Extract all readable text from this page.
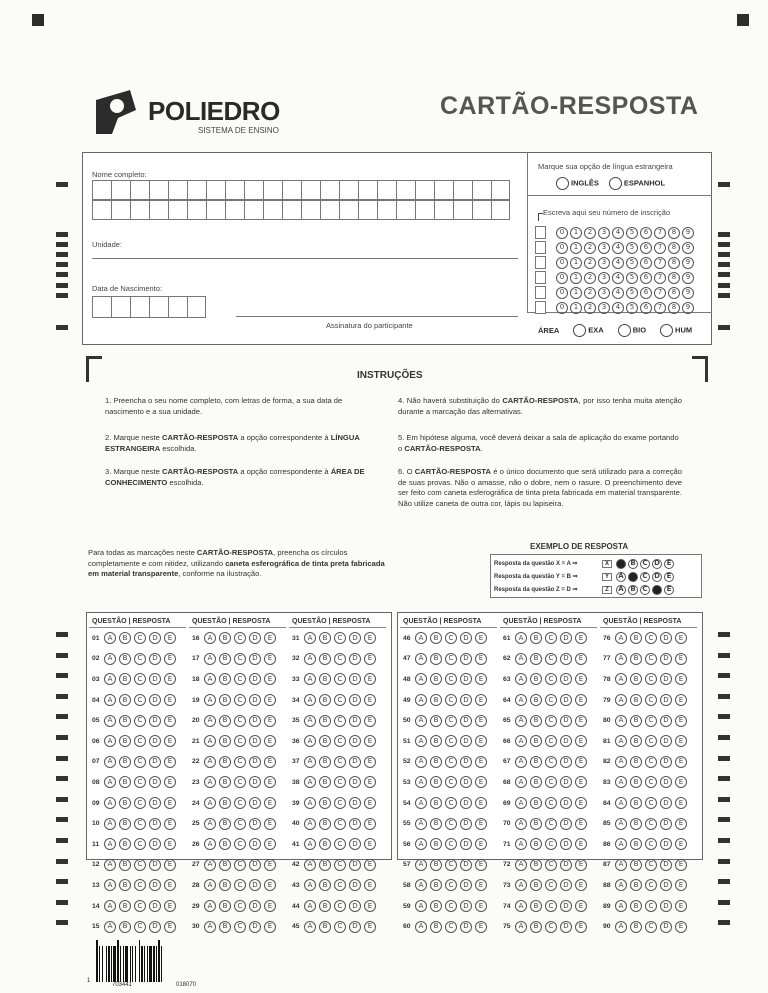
POLIEDRO
SISTEMA DE ENSINO
CARTÃO-RESPOSTA
Nome completo:
Unidade:
Data de Nascimento:
Assinatura do participante
Marque sua opção de língua estrangeira
INGLÊS	ESPANHOL
Escreva aqui seu número de inscrição
0	1	2	3	4	5	6	7	8	9
0	1	2	3	4	5	6	7	8	9
0	1	2	3	4	5	6	7	8	9
0	1	2	3	4	5	6	7	8	9
0	1	2	3	4	5	6	7	8	9
0	1	2	3	4	5	6	7	8	9
ÁREA	EXA	BIO	HUM
INSTRUÇÕES
1. Preencha o seu nome completo, com letras de forma, a sua data de nascimento e a sua unidade.
2. Marque neste CARTÃO-RESPOSTA a opção correspondente à LÍNGUA ESTRANGEIRA escolhida.
3. Marque neste CARTÃO-RESPOSTA a opção correspondente à ÁREA DE CONHECIMENTO escolhida.
4. Não haverá substituição do CARTÃO-RESPOSTA, por isso tenha muita atenção durante a marcação das alternativas.
5. Em hipótese alguma, você deverá deixar a sala de aplicação do exame portando o CARTÃO-RESPOSTA.
6. O CARTÃO-RESPOSTA é o único documento que será utilizado para a correção de suas provas. Não o amasse, não o dobre, nem o rasure. O preenchimento deve ser feito com caneta esferográfica de tinta preta fabricada em material transparente. Não utilize caneta de outra cor, lápis ou lapiseira.
Para todas as marcações neste CARTÃO-RESPOSTA, preencha os círculos completamente e com nitidez, utilizando caneta esferográfica de tinta preta fabricada em material transparente, conforme na ilustração.
EXEMPLO DE RESPOSTA
Resposta da questão X = A ⇒	X	A B C D E
Resposta da questão Y = B ⇒	Y	A B C D E
Resposta da questão Z = D ⇒	Z	A B C D E
QUESTÃO | RESPOSTA
01	A	B	C	D	E
02	A	B	C	D	E
03	A	B	C	D	E
04	A	B	C	D	E
05	A	B	C	D	E
06	A	B	C	D	E
07	A	B	C	D	E
08	A	B	C	D	E
09	A	B	C	D	E
10	A	B	C	D	E
11	A	B	C	D	E
12	A	B	C	D	E
13	A	B	C	D	E
14	A	B	C	D	E
15	A	B	C	D	E
QUESTÃO | RESPOSTA
16	A	B	C	D	E
17	A	B	C	D	E
18	A	B	C	D	E
19	A	B	C	D	E
20	A	B	C	D	E
21	A	B	C	D	E
22	A	B	C	D	E
23	A	B	C	D	E
24	A	B	C	D	E
25	A	B	C	D	E
26	A	B	C	D	E
27	A	B	C	D	E
28	A	B	C	D	E
29	A	B	C	D	E
30	A	B	C	D	E
QUESTÃO | RESPOSTA
31	A	B	C	D	E
32	A	B	C	D	E
33	A	B	C	D	E
34	A	B	C	D	E
35	A	B	C	D	E
36	A	B	C	D	E
37	A	B	C	D	E
38	A	B	C	D	E
39	A	B	C	D	E
40	A	B	C	D	E
41	A	B	C	D	E
42	A	B	C	D	E
43	A	B	C	D	E
44	A	B	C	D	E
45	A	B	C	D	E
QUESTÃO | RESPOSTA
46	A	B	C	D	E
47	A	B	C	D	E
48	A	B	C	D	E
49	A	B	C	D	E
50	A	B	C	D	E
51	A	B	C	D	E
52	A	B	C	D	E
53	A	B	C	D	E
54	A	B	C	D	E
55	A	B	C	D	E
56	A	B	C	D	E
57	A	B	C	D	E
58	A	B	C	D	E
59	A	B	C	D	E
60	A	B	C	D	E
QUESTÃO | RESPOSTA
61	A	B	C	D	E
62	A	B	C	D	E
63	A	B	C	D	E
64	A	B	C	D	E
65	A	B	C	D	E
66	A	B	C	D	E
67	A	B	C	D	E
68	A	B	C	D	E
69	A	B	C	D	E
70	A	B	C	D	E
71	A	B	C	D	E
72	A	B	C	D	E
73	A	B	C	D	E
74	A	B	C	D	E
75	A	B	C	D	E
QUESTÃO | RESPOSTA
76	A	B	C	D	E
77	A	B	C	D	E
78	A	B	C	D	E
79	A	B	C	D	E
80	A	B	C	D	E
81	A	B	C	D	E
82	A	B	C	D	E
83	A	B	C	D	E
84	A	B	C	D	E
85	A	B	C	D	E
86	A	B	C	D	E
87	A	B	C	D	E
88	A	B	C	D	E
89	A	B	C	D	E
90	A	B	C	D	E
1
703441	018070
